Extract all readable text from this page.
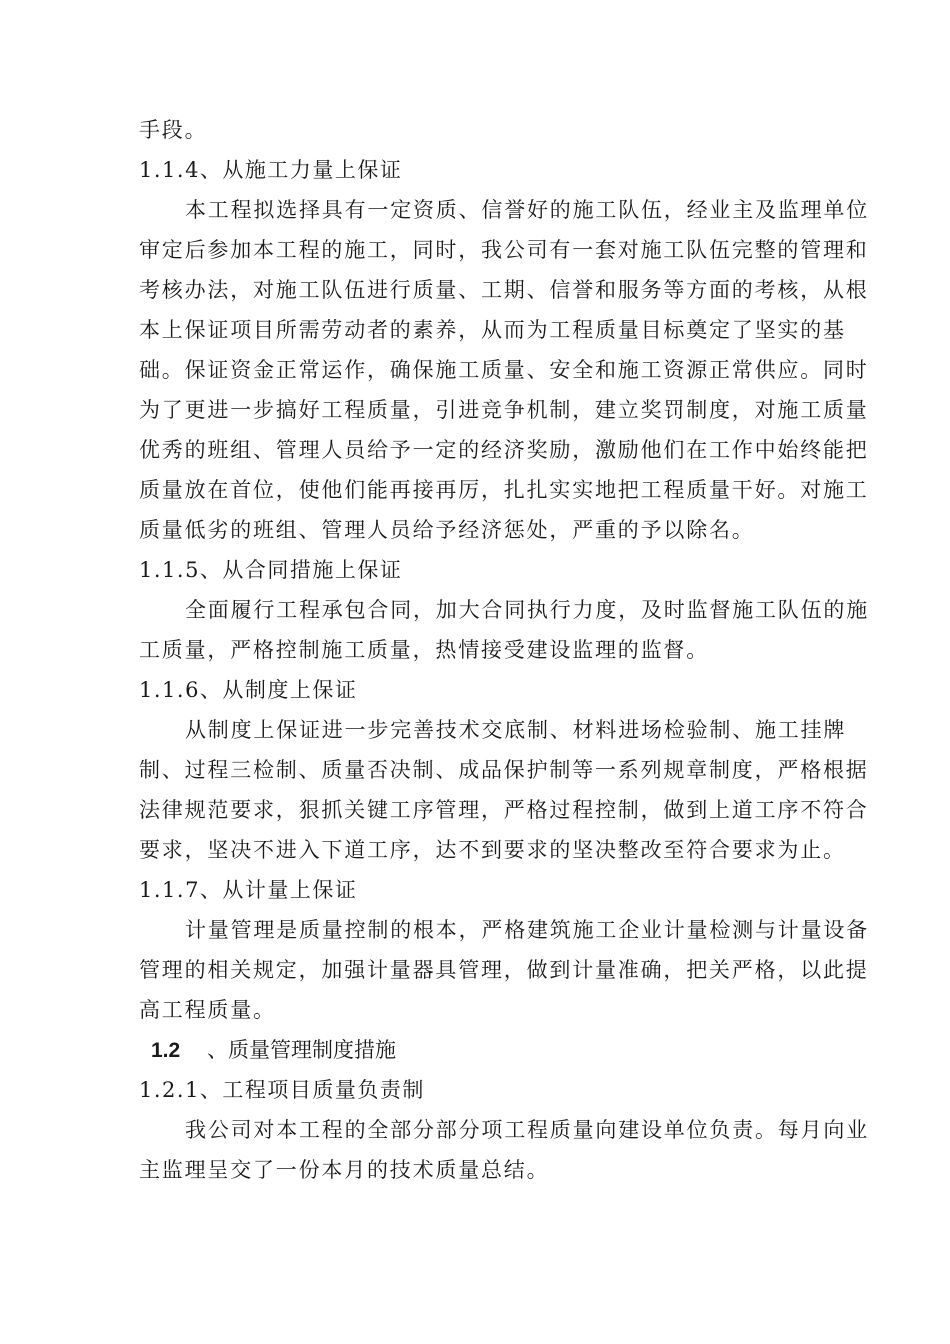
手段。
1.1.4、从施工力量上保证
本工程拟选择具有一定资质、信誉好的施工队伍，经业主及监理单位
审定后参加本工程的施工，同时，我公司有一套对施工队伍完整的管理和
考核办法，对施工队伍进行质量、工期、信誉和服务等方面的考核，从根
本上保证项目所需劳动者的素养，从而为工程质量目标奠定了坚实的基
础。保证资金正常运作，确保施工质量、安全和施工资源正常供应。同时
为了更进一步搞好工程质量，引进竞争机制，建立奖罚制度，对施工质量
优秀的班组、管理人员给予一定的经济奖励，激励他们在工作中始终能把
质量放在首位，使他们能再接再厉，扎扎实实地把工程质量干好。对施工
质量低劣的班组、管理人员给予经济惩处，严重的予以除名。
1.1.5、从合同措施上保证
全面履行工程承包合同，加大合同执行力度，及时监督施工队伍的施
工质量，严格控制施工质量，热情接受建设监理的监督。
1.1.6、从制度上保证
从制度上保证进一步完善技术交底制、材料进场检验制、施工挂牌
制、过程三检制、质量否决制、成品保护制等一系列规章制度，严格根据
法律规范要求，狠抓关键工序管理，严格过程控制，做到上道工序不符合
要求，坚决不进入下道工序，达不到要求的坚决整改至符合要求为止。
1.1.7、从计量上保证
计量管理是质量控制的根本，严格建筑施工企业计量检测与计量设备
管理的相关规定，加强计量器具管理，做到计量准确，把关严格，以此提
高工程质量。
1.2 、质量管理制度措施
1.2.1、工程项目质量负责制
我公司对本工程的全部分部分项工程质量向建设单位负责。每月向业
主监理呈交了一份本月的技术质量总结。
